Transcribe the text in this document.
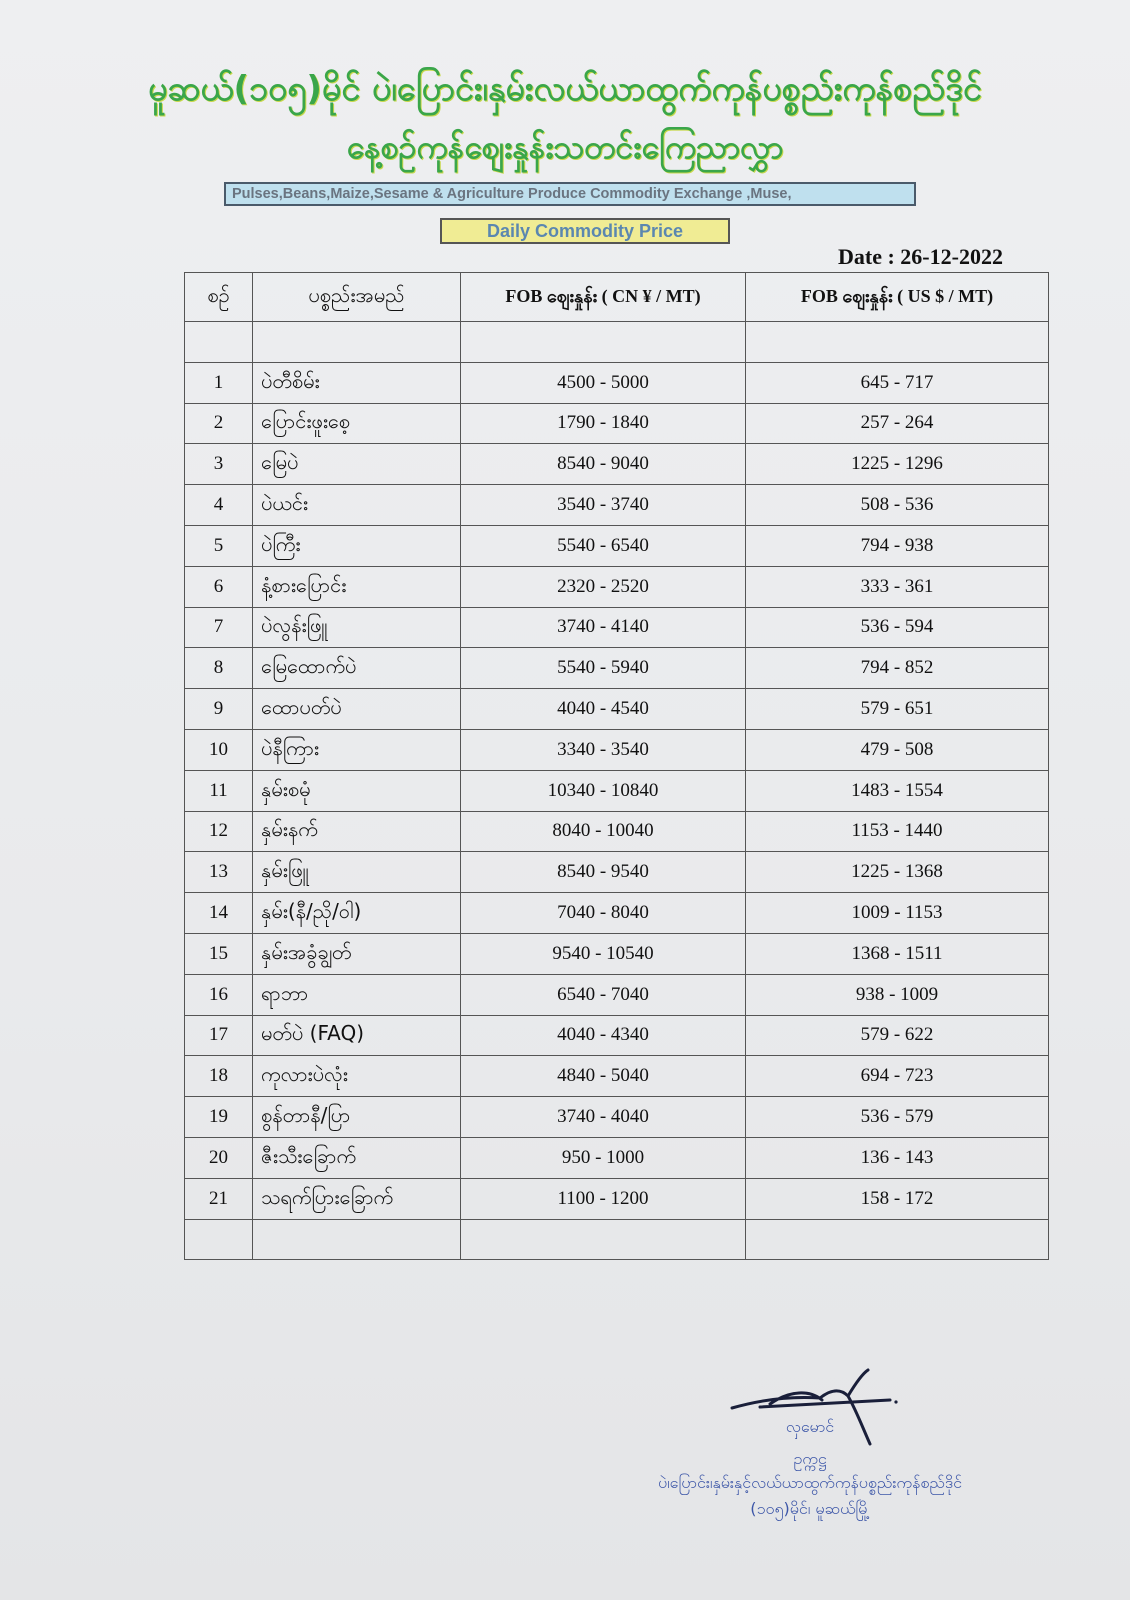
မူဆယ်(၁၀၅)မိုင် ပဲ၊ပြောင်း၊နှမ်းလယ်ယာထွက်ကုန်ပစ္စည်းကုန်စည်ဒိုင်
နေ့စဉ်ကုန်ဈေးနှုန်းသတင်းကြေညာလွှာ
Pulses,Beans,Maize,Sesame & Agriculture Produce Commodity Exchange ,Muse,
Daily Commodity Price
Date : 26-12-2022
စဉ်	ပစ္စည်းအမည်	FOB ဈေးနှုန်း ( CN ¥ / MT)	FOB ဈေးနှုန်း ( US $ / MT)

1	ပဲတီစိမ်း	4500 - 5000	645 - 717
2	ပြောင်းဖူးစေ့	1790 - 1840	257 - 264
3	မြေပဲ	8540 - 9040	1225 - 1296
4	ပဲယင်း	3540 - 3740	508 - 536
5	ပဲကြီး	5540 - 6540	794 - 938
6	နံ့စားပြောင်း	2320 - 2520	333 - 361
7	ပဲလွန်းဖြူ	3740 - 4140	536 - 594
8	မြေထောက်ပဲ	5540 - 5940	794 - 852
9	ထောပတ်ပဲ	4040 - 4540	579 - 651
10	ပဲနီကြား	3340 - 3540	479 - 508
11	နှမ်းစမုံ	10340 - 10840	1483 - 1554
12	နှမ်းနက်	8040 - 10040	1153 - 1440
13	နှမ်းဖြူ	8540 - 9540	1225 - 1368
14	နှမ်း(နီ/ညို/ဝါ)	7040 - 8040	1009 - 1153
15	နှမ်းအခွံချွတ်	9540 - 10540	1368 - 1511
16	ရာဘာ	6540 - 7040	938 - 1009
17	မတ်ပဲ (FAQ)	4040 - 4340	579 - 622
18	ကုလားပဲလုံး	4840 - 5040	694 - 723
19	စွန်တာနီ/ပြာ	3740 - 4040	536 - 579
20	ဇီးသီးခြောက်	950 - 1000	136 - 143
21	သရက်ပြားခြောက်	1100 - 1200	158 - 172

လှမောင်
ဥက္ကဋ္ဌ
ပဲ၊ပြောင်း၊နှမ်းနှင့်လယ်ယာထွက်ကုန်ပစ္စည်းကုန်စည်ဒိုင်
(၁၀၅)မိုင်၊ မူဆယ်မြို့
